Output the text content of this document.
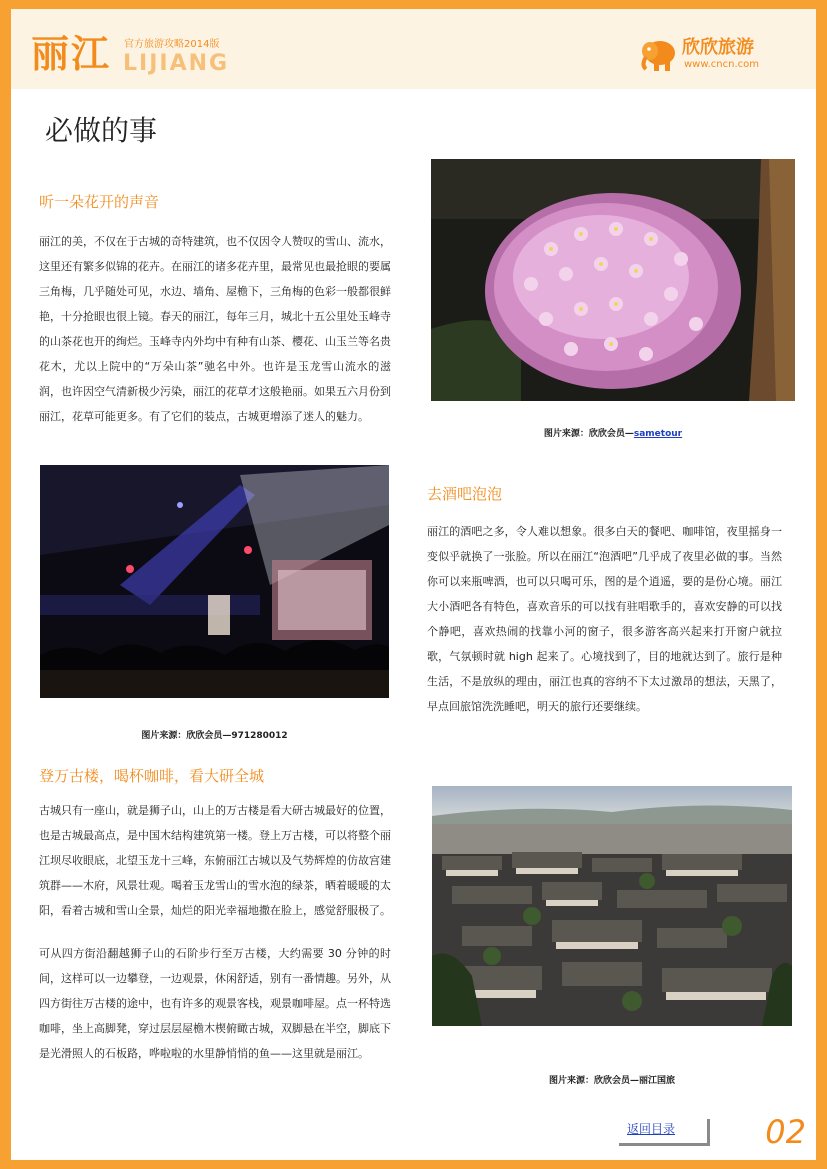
丽江 官方旅游攻略2014版
LIJIANG
欣欣旅游
www.cncn.com
必做的事
听一朵花开的声音

丽江的美，不仅在于古城的奇特建筑，也不仅因令人赞叹的雪山、流水，这里还有繁多似锦的花卉。在丽江的诸多花卉里，最常见也最抢眼的要属三角梅，几乎随处可见，水边、墙角、屋檐下，三角梅的色彩一般都很鲜艳，十分抢眼也很上镜。春天的丽江，每年三月，城北十五公里处玉峰寺的山茶花也开的绚烂。玉峰寺内外均中有种有山茶、樱花、山玉兰等名贵花木，尤以上院中的“万朵山茶”驰名中外。也许是玉龙雪山流水的滋润，也许因空气清新极少污染，丽江的花草才这般艳丽。如果五六月份到丽江，花草可能更多。有了它们的装点，古城更增添了迷人的魅力。

图片来源：欣欣会员—sametour
图片来源：欣欣会员—971280012
去酒吧泡泡

丽江的酒吧之多，令人难以想象。很多白天的餐吧、咖啡馆，夜里摇身一变似乎就换了一张脸。所以在丽江“泡酒吧”几乎成了夜里必做的事。当然你可以来瓶啤酒，也可以只喝可乐，图的是个逍遥，要的是份心境。丽江大小酒吧各有特色，喜欢音乐的可以找有驻唱歌手的，喜欢安静的可以找个静吧，喜欢热闹的找靠小河的窗子，很多游客高兴起来打开窗户就拉歌，气氛顿时就 high 起来了。心境找到了，目的地就达到了。旅行是种生活，不是放纵的理由，丽江也真的容纳不下太过激昂的想法，天黑了，早点回旅馆洗洗睡吧，明天的旅行还要继续。

登万古楼，喝杯咖啡，看大研全城

古城只有一座山，就是狮子山，山上的万古楼是看大研古城最好的位置，也是古城最高点，是中国木结构建筑第一楼。登上万古楼，可以将整个丽江坝尽收眼底，北望玉龙十三峰，东俯丽江古城以及气势辉煌的仿故宫建筑群——木府，风景壮观。喝着玉龙雪山的雪水泡的绿茶，晒着暖暖的太阳，看着古城和雪山全景，灿烂的阳光幸福地撒在脸上，感觉舒服极了。

可从四方街沿翻越狮子山的石阶步行至万古楼，大约需要 30 分钟的时间，这样可以一边攀登，一边观景，休闲舒适，别有一番情趣。另外，从四方街往万古楼的途中，也有许多的观景客栈，观景咖啡屋。点一杯特选咖啡，坐上高脚凳，穿过层层屋檐木楔俯瞰古城，双脚悬在半空，脚底下是光滑照人的石板路，哗啦啦的水里静悄悄的鱼——这里就是丽江。

图片来源：欣欣会员—丽江国旅
返回目录	02
